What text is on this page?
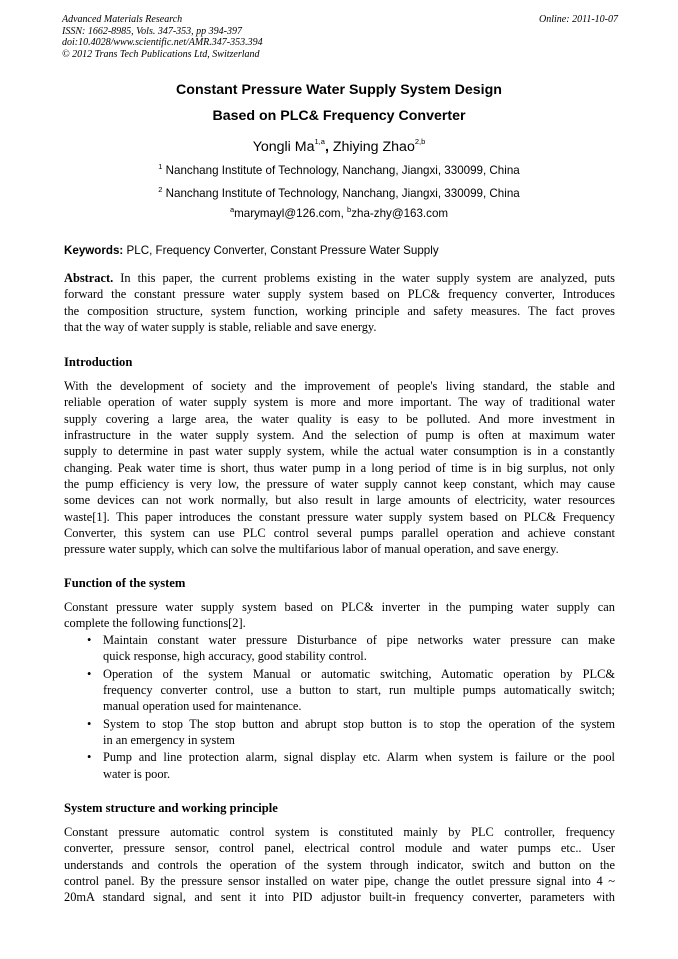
Advanced Materials Research
ISSN: 1662-8985, Vols. 347-353, pp 394-397
doi:10.4028/www.scientific.net/AMR.347-353.394
© 2012 Trans Tech Publications Ltd, Switzerland
Online: 2011-10-07
Constant Pressure Water Supply System Design
Based on PLC& Frequency Converter
Yongli Ma$^{1,a}$, Zhiying Zhao$^{2,b}$
$^1$ Nanchang Institute of Technology, Nanchang, Jiangxi, 330099, China
$^2$ Nanchang Institute of Technology, Nanchang, Jiangxi, 330099, China
$^a$marymayl@126.com, $^b$zha-zhy@163.com
Keywords: PLC, Frequency Converter, Constant Pressure Water Supply
Abstract. In this paper, the current problems existing in the water supply system are analyzed, puts
forward the constant pressure water supply system based on PLC& frequency converter, Introduces
the composition structure, system function, working principle and safety measures. The fact proves
that the way of water supply is stable, reliable and save energy.
Introduction
With the development of society and the improvement of people's living standard, the stable and
reliable operation of water supply system is more and more important. The way of traditional water
supply covering a large area, the water quality is easy to be polluted. And more investment in
infrastructure in the water supply system. And the selection of pump is often at maximum water
supply to determine in past water supply system, while the actual water consumption is in a constantly
changing. Peak water time is short, thus water pump in a long period of time is in big surplus, not only
the pump efficiency is very low, the pressure of water supply cannot keep constant, which may cause
some devices can not work normally, but also result in large amounts of electricity, water resources
waste[1]. This paper introduces the constant pressure water supply system based on PLC& Frequency
Converter, this system can use PLC control several pumps parallel operation and achieve constant
pressure water supply, which can solve the multifarious labor of manual operation, and save energy.
Function of the system
Constant pressure water supply system based on PLC& inverter in the pumping water supply can
complete the following functions[2].
• Maintain constant water pressure Disturbance of pipe networks water pressure can make
quick response, high accuracy, good stability control.
• Operation of the system Manual or automatic switching, Automatic operation by PLC&
frequency converter control, use a button to start, run multiple pumps automatically switch;
manual operation used for maintenance.
• System to stop The stop button and abrupt stop button is to stop the operation of the system
in an emergency in system
• Pump and line protection alarm, signal display etc. Alarm when system is failure or the pool
water is poor.
System structure and working principle
Constant pressure automatic control system is constituted mainly by PLC controller, frequency
converter, pressure sensor, control panel, electrical control module and water pumps etc.. User
understands and controls the operation of the system through indicator, switch and button on the
control panel. By the pressure sensor installed on water pipe, change the outlet pressure signal into 4 ~
20mA standard signal, and sent it into PID adjustor built-in frequency converter, parameters with
